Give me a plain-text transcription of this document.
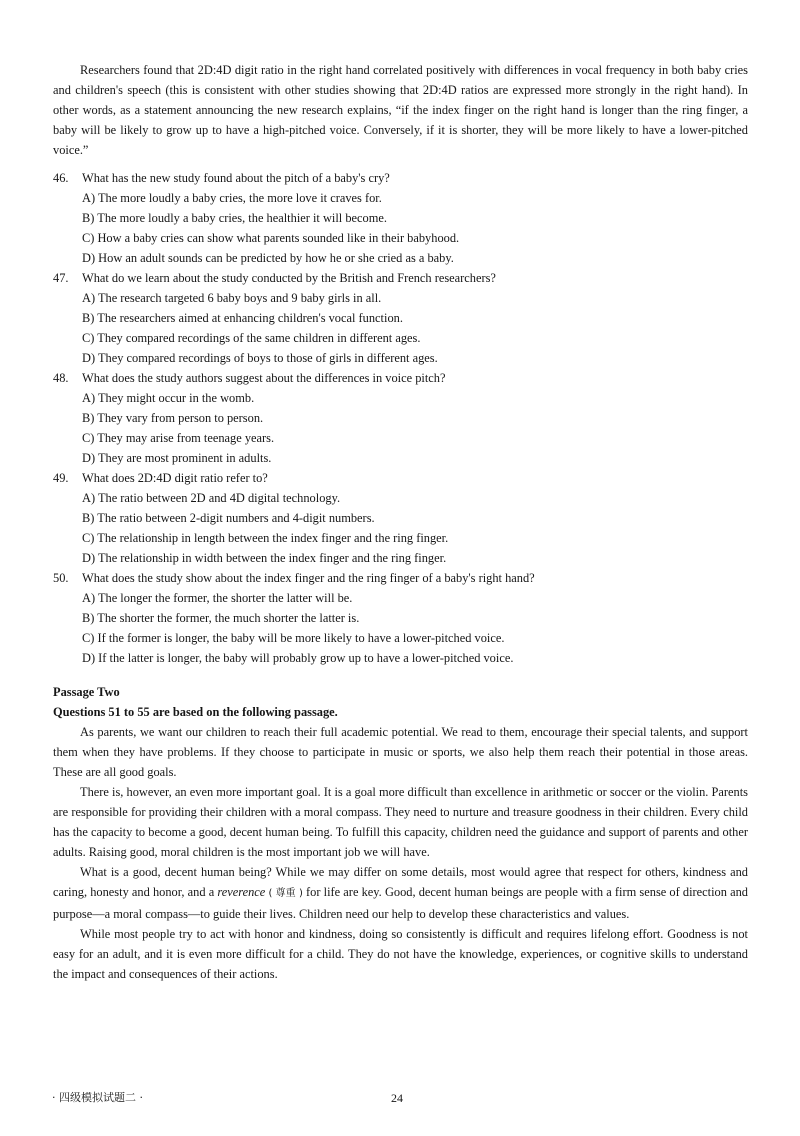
Researchers found that 2D:4D digit ratio in the right hand correlated positively with differences in vocal frequency in both baby cries and children's speech (this is consistent with other studies showing that 2D:4D ratios are expressed more strongly in the right hand). In other words, as a statement announcing the new research explains, “if the index finger on the right hand is longer than the ring finger, a baby will be likely to grow up to have a high-pitched voice. Conversely, if it is shorter, they will be more likely to have a lower-pitched voice.”

46. What has the new study found about the pitch of a baby's cry?
A) The more loudly a baby cries, the more love it craves for.
B) The more loudly a baby cries, the healthier it will become.
C) How a baby cries can show what parents sounded like in their babyhood.
D) How an adult sounds can be predicted by how he or she cried as a baby.
47. What do we learn about the study conducted by the British and French researchers?
A) The research targeted 6 baby boys and 9 baby girls in all.
B) The researchers aimed at enhancing children's vocal function.
C) They compared recordings of the same children in different ages.
D) They compared recordings of boys to those of girls in different ages.
48. What does the study authors suggest about the differences in voice pitch?
A) They might occur in the womb.
B) They vary from person to person.
C) They may arise from teenage years.
D) They are most prominent in adults.
49. What does 2D:4D digit ratio refer to?
A) The ratio between 2D and 4D digital technology.
B) The ratio between 2-digit numbers and 4-digit numbers.
C) The relationship in length between the index finger and the ring finger.
D) The relationship in width between the index finger and the ring finger.
50. What does the study show about the index finger and the ring finger of a baby's right hand?
A) The longer the former, the shorter the latter will be.
B) The shorter the former, the much shorter the latter is.
C) If the former is longer, the baby will be more likely to have a lower-pitched voice.
D) If the latter is longer, the baby will probably grow up to have a lower-pitched voice.
Passage Two
Questions 51 to 55 are based on the following passage.

As parents, we want our children to reach their full academic potential. We read to them, encourage their special talents, and support them when they have problems. If they choose to participate in music or sports, we also help them reach their potential in those areas. These are all good goals.

There is, however, an even more important goal. It is a goal more difficult than excellence in arithmetic or soccer or the violin. Parents are responsible for providing their children with a moral compass. They need to nurture and treasure goodness in their children. Every child has the capacity to become a good, decent human being. To fulfill this capacity, children need the guidance and support of parents and other adults. Raising good, moral children is the most important job we will have.

What is a good, decent human being? While we may differ on some details, most would agree that respect for others, kindness and caring, honesty and honor, and a reverence ( 尊重 ) for life are key. Good, decent human beings are people with a firm sense of direction and purpose—a moral compass—to guide their lives. Children need our help to develop these characteristics and values.

While most people try to act with honor and kindness, doing so consistently is difficult and requires lifelong effort. Goodness is not easy for an adult, and it is even more difficult for a child. They do not have the knowledge, experiences, or cognitive skills to understand the impact and consequences of their actions.

· 四级模拟试题二 ·	24
